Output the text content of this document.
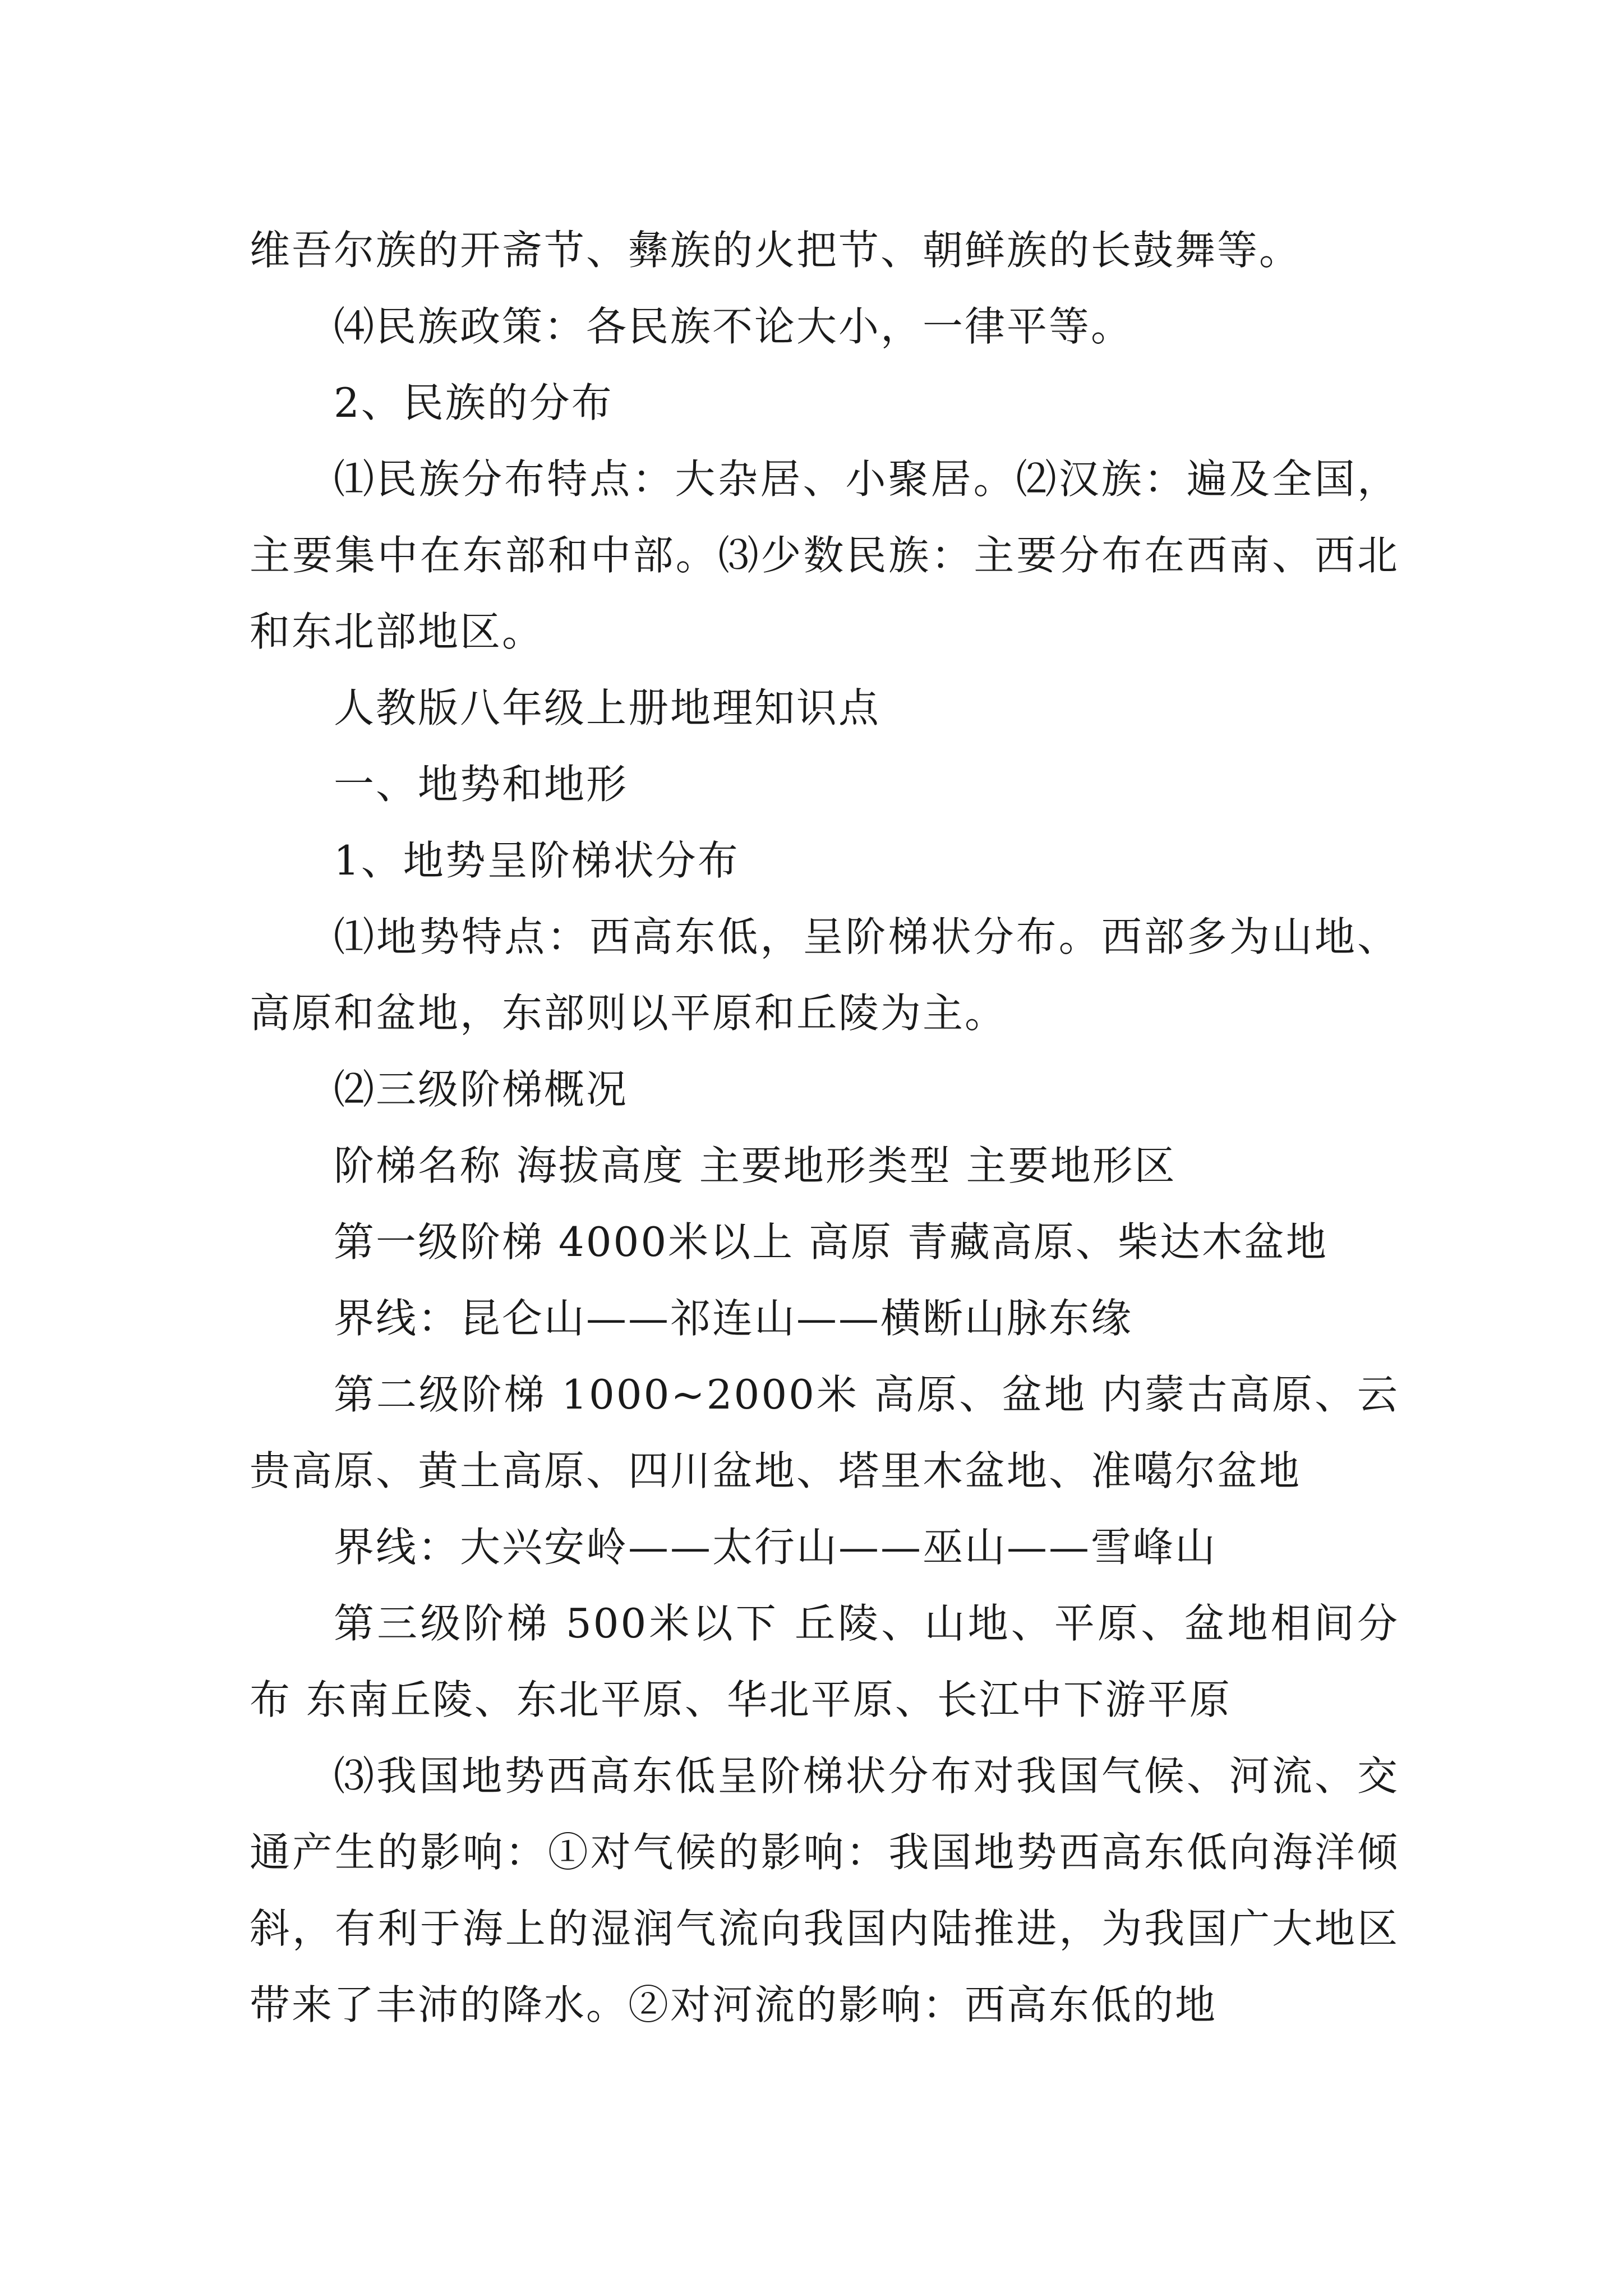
维吾尔族的开斋节、彝族的火把节、朝鲜族的长鼓舞等。

⑷民族政策：各民族不论大小，一律平等。

2、民族的分布

⑴民族分布特点：大杂居、小聚居。⑵汉族：遍及全国，主要集中在东部和中部。⑶少数民族：主要分布在西南、西北和东北部地区。

人教版八年级上册地理知识点

一、地势和地形

1、地势呈阶梯状分布

⑴地势特点：西高东低，呈阶梯状分布。西部多为山地、高原和盆地，东部则以平原和丘陵为主。

⑵三级阶梯概况

阶梯名称 海拔高度 主要地形类型 主要地形区

第一级阶梯 4000米以上 高原 青藏高原、柴达木盆地

界线：昆仑山——祁连山——横断山脉东缘

第二级阶梯 1000~2000米 高原、盆地 内蒙古高原、云贵高原、黄土高原、四川盆地、塔里木盆地、准噶尔盆地

界线：大兴安岭——太行山——巫山——雪峰山

第三级阶梯 500米以下 丘陵、山地、平原、盆地相间分布 东南丘陵、东北平原、华北平原、长江中下游平原

⑶我国地势西高东低呈阶梯状分布对我国气候、河流、交通产生的影响：①对气候的影响：我国地势西高东低向海洋倾斜，有利于海上的湿润气流向我国内陆推进，为我国广大地区带来了丰沛的降水。②对河流的影响：西高东低的地
